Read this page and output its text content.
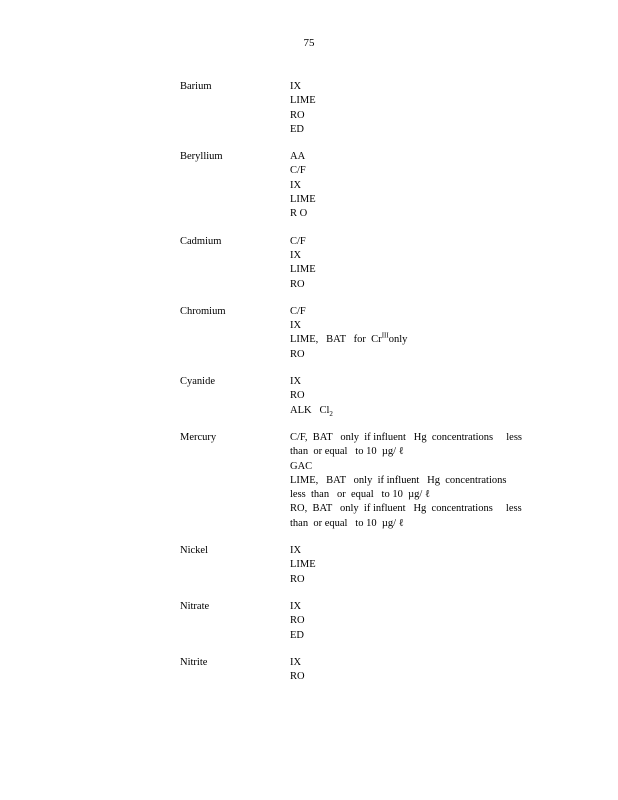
75
Barium	IX
LIME
RO
ED
Beryllium	AA
C/F
IX
LIME
R O
Cadmium	C/F
IX
LIME
RO
Chromium	C/F
IX
LIME,   BAT   for  $Cr^{III}only$
RO
Cyanide	IX
RO
ALK   $Cl_2$
Mercury	C/F,  BAT   only  if influent   Hg  concentrations     less
than  or equal   to 10  µg/ ℓ
GAC
LIME,   BAT   only  if influent   Hg  concentrations
less  than   or  equal   to 10  µg/ ℓ
RO,  BAT   only  if influent   Hg  concentrations     less
than  or equal   to 10  µg/ ℓ
Nickel	IX
LIME
RO
Nitrate	IX
RO
ED
Nitrite	IX
RO
